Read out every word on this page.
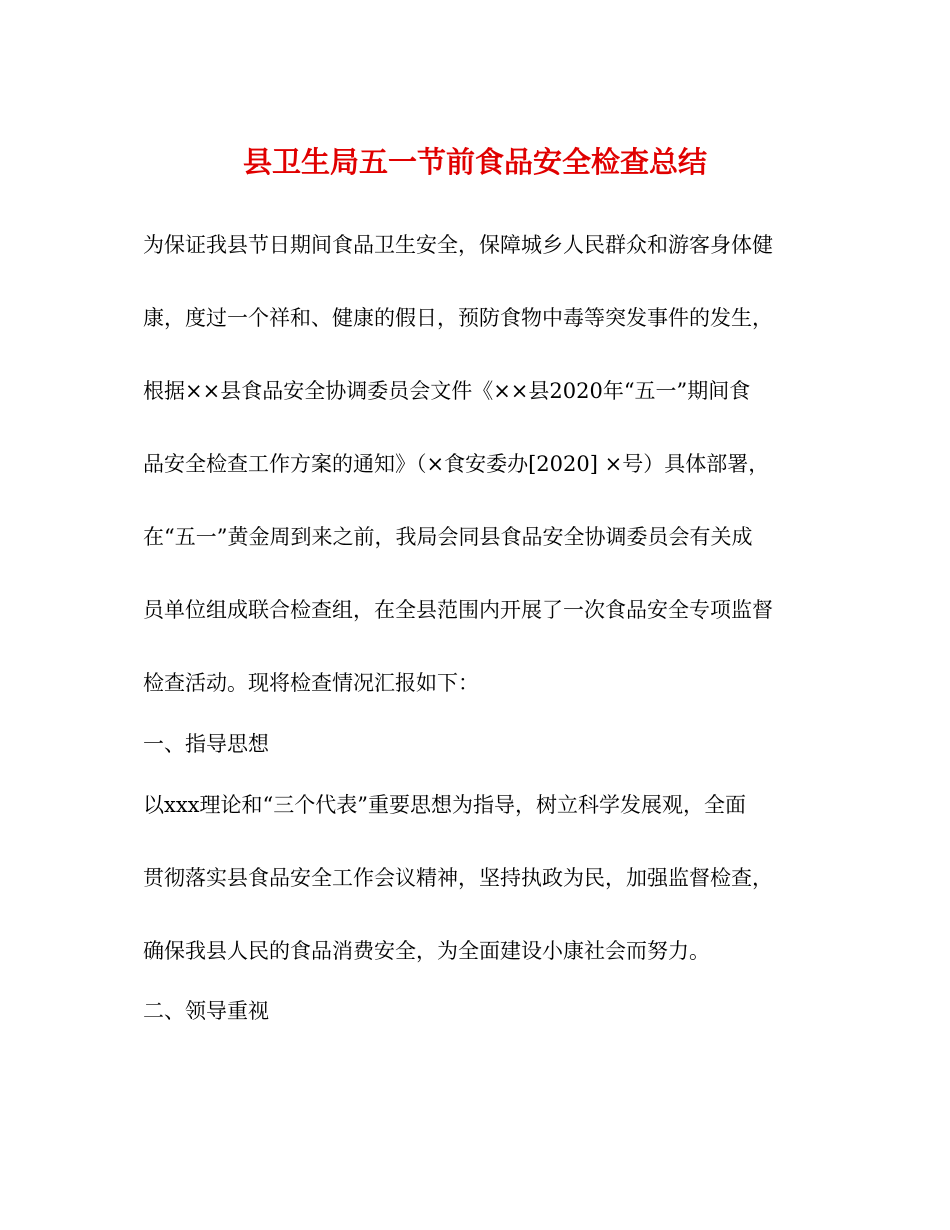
县卫生局五一节前食品安全检查总结

为保证我县节日期间食品卫生安全，保障城乡人民群众和游客身体健

康，度过一个祥和、健康的假日，预防食物中毒等突发事件的发生，

根据××县食品安全协调委员会文件《××县2020年“五一”期间食

品安全检查工作方案的通知》（×食安委办[2020] ×号）具体部署，

在“五一”黄金周到来之前，我局会同县食品安全协调委员会有关成

员单位组成联合检查组，在全县范围内开展了一次食品安全专项监督

检查活动。现将检查情况汇报如下：

一、指导思想

以xxx理论和“三个代表”重要思想为指导，树立科学发展观，全面

贯彻落实县食品安全工作会议精神，坚持执政为民，加强监督检查，

确保我县人民的食品消费安全，为全面建设小康社会而努力。

二、领导重视
